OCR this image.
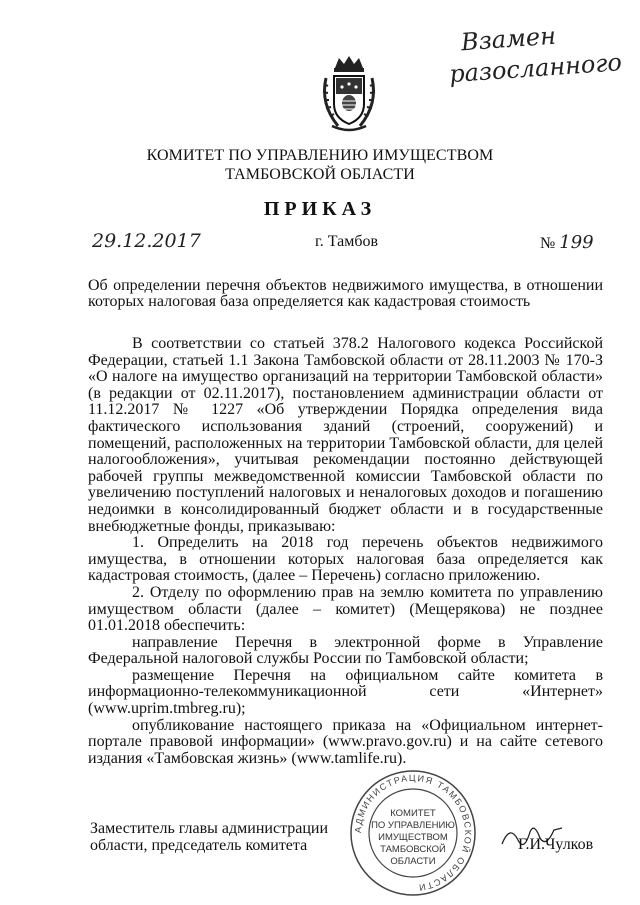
Взамен
разосланного
КОМИТЕТ ПО УПРАВЛЕНИЮ ИМУЩЕСТВОМ
ТАМБОВСКОЙ ОБЛАСТИ
ПРИКАЗ
29.12.2017	г. Тамбов	№ 199
Об определении перечня объектов недвижимого имущества, в отношении которых налоговая база определяется как кадастровая стоимость

В соответствии со статьей 378.2 Налогового кодекса Российской Федерации, статьей 1.1 Закона Тамбовской области от 28.11.2003 № 170-З «О налоге на имущество организаций на территории Тамбовской области» (в редакции от 02.11.2017), постановлением администрации области от 11.12.2017 № 1227 «Об утверждении Порядка определения вида фактического использования зданий (строений, сооружений) и помещений, расположенных на территории Тамбовской области, для целей налогообложения», учитывая рекомендации постоянно действующей рабочей группы межведомственной комиссии Тамбовской области по увеличению поступлений налоговых и неналоговых доходов и погашению недоимки в консолидированный бюджет области и в государственные внебюджетные фонды, приказываю:

1. Определить на 2018 год перечень объектов недвижимого имущества, в отношении которых налоговая база определяется как кадастровая стоимость, (далее – Перечень) согласно приложению.

2. Отделу по оформлению прав на землю комитета по управлению имуществом области (далее – комитет) (Мещерякова) не позднее 01.01.2018 обеспечить:

направление Перечня в электронной форме в Управление Федеральной налоговой службы России по Тамбовской области;

размещение Перечня на официальном сайте комитета в информационно-телекоммуникационной сети «Интернет» (www.uprim.tmbreg.ru);

опубликование настоящего приказа на «Официальном интернет-портале правовой информации» (www.pravo.gov.ru) и на сайте сетевого издания «Тамбовская жизнь» (www.tamlife.ru).

АДМИНИСТРАЦИЯ ТАМБОВСКОЙ ОБЛАСТИ
КОМИТЕТ
ПО УПРАВЛЕНИЮ
ИМУЩЕСТВОМ
ТАМБОВСКОЙ
ОБЛАСТИ
Заместитель главы администрации
области, председатель комитета	Г.И.Чулков
